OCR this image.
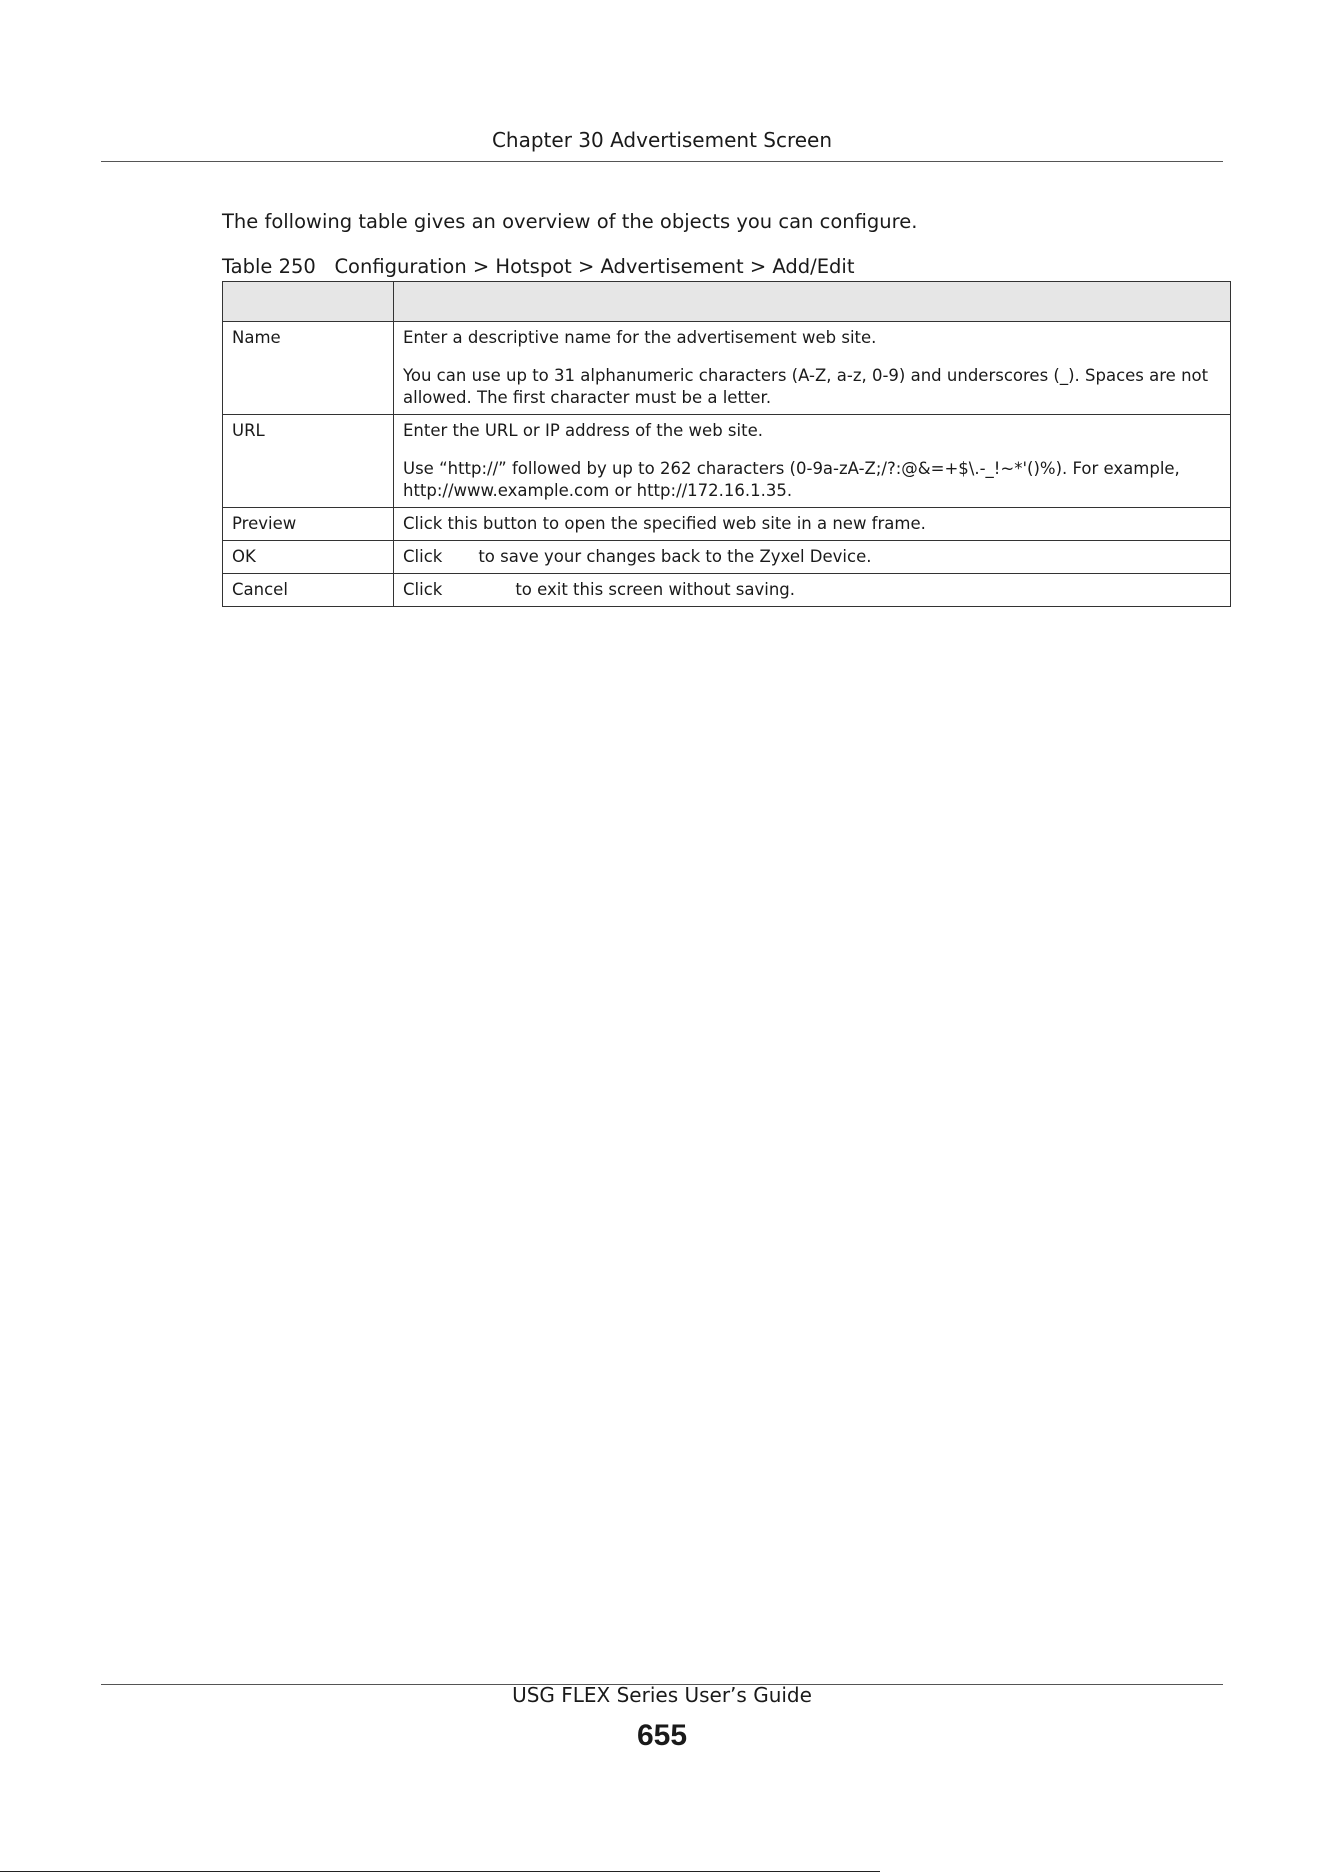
Chapter 30 Advertisement Screen
The following table gives an overview of the objects you can configure.
Table 250   Configuration > Hotspot > Advertisement > Add/Edit

Name	Enter a descriptive name for the advertisement web site.

You can use up to 31 alphanumeric characters (A-Z, a-z, 0-9) and underscores (_). Spaces are not allowed. The first character must be a letter.

URL	Enter the URL or IP address of the web site.

Use “http://” followed by up to 262 characters (0-9a-zA-Z;/?:@&=+$\.-_!~*'()%). For example, http://www.example.com or http://172.16.1.35.

Preview	Click this button to open the specified web site in a new frame.

OK	Click to save your changes back to the Zyxel Device.
Cancel	Click to exit this screen without saving.
USG FLEX Series User’s Guide
655
